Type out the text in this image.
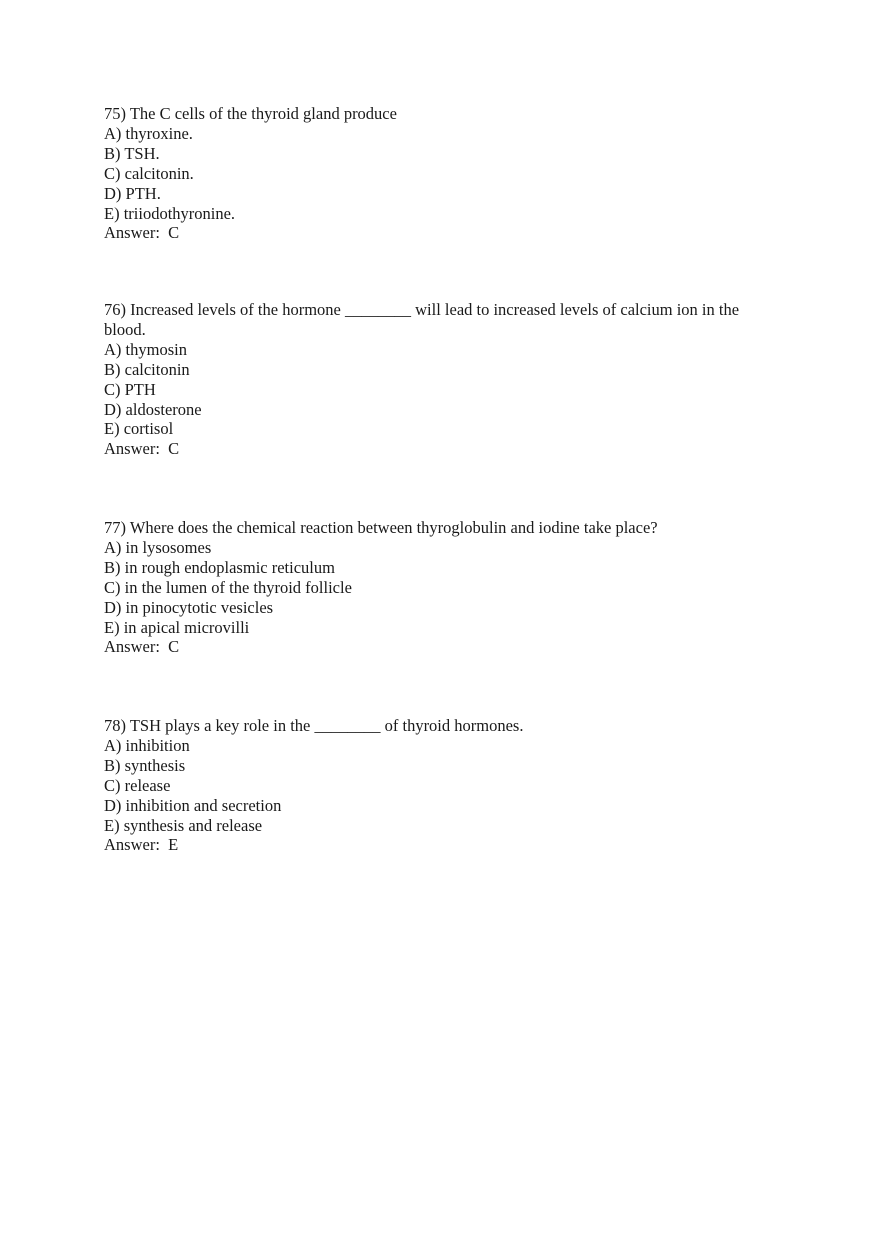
75) The C cells of the thyroid gland produce
A) thyroxine.
B) TSH.
C) calcitonin.
D) PTH.
E) triiodothyronine.
Answer:  C
76) Increased levels of the hormone ________ will lead to increased levels of calcium ion in the blood.
A) thymosin
B) calcitonin
C) PTH
D) aldosterone
E) cortisol
Answer:  C
77) Where does the chemical reaction between thyroglobulin and iodine take place?
A) in lysosomes
B) in rough endoplasmic reticulum
C) in the lumen of the thyroid follicle
D) in pinocytotic vesicles
E) in apical microvilli
Answer:  C
78) TSH plays a key role in the ________ of thyroid hormones.
A) inhibition
B) synthesis
C) release
D) inhibition and secretion
E) synthesis and release
Answer:  E
